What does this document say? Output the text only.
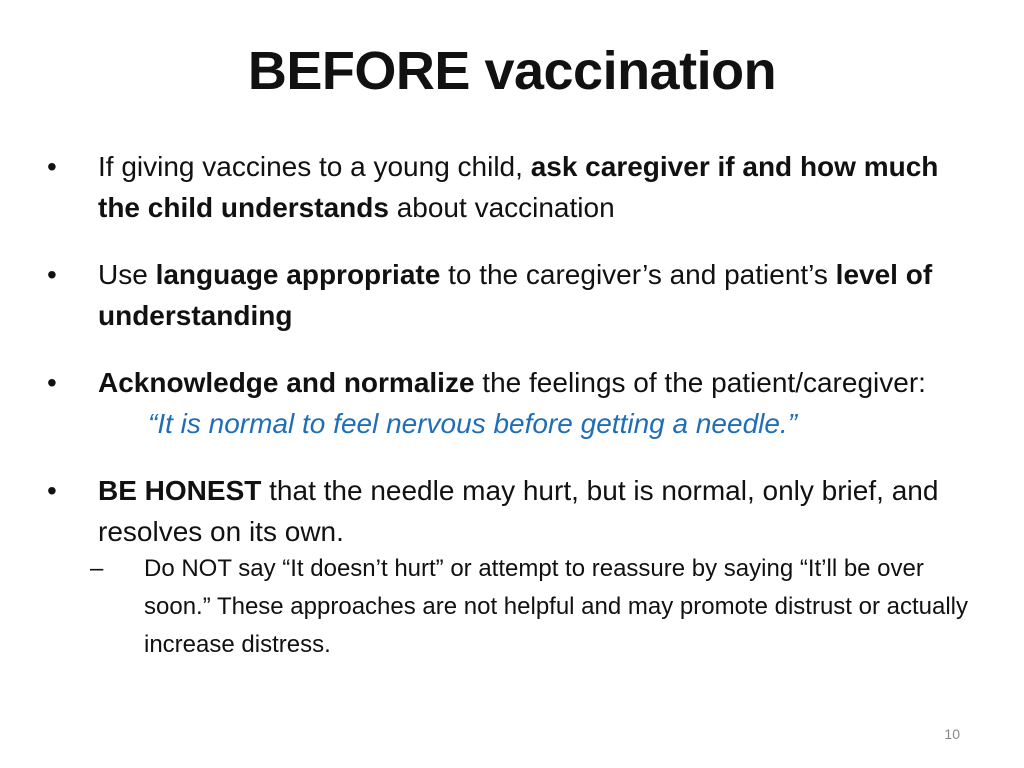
BEFORE vaccination
• If giving vaccines to a young child, ask caregiver if and how much the child understands about vaccination
• Use language appropriate to the caregiver’s and patient’s level of understanding
• Acknowledge and normalize the feelings of the patient/caregiver:
“It is normal to feel nervous before getting a needle.”
• BE HONEST that the needle may hurt, but is normal, only brief, and resolves on its own.
– Do NOT say “It doesn’t hurt” or attempt to reassure by saying “It’ll be over soon.” These approaches are not helpful and may promote distrust or actually increase distress.
10
